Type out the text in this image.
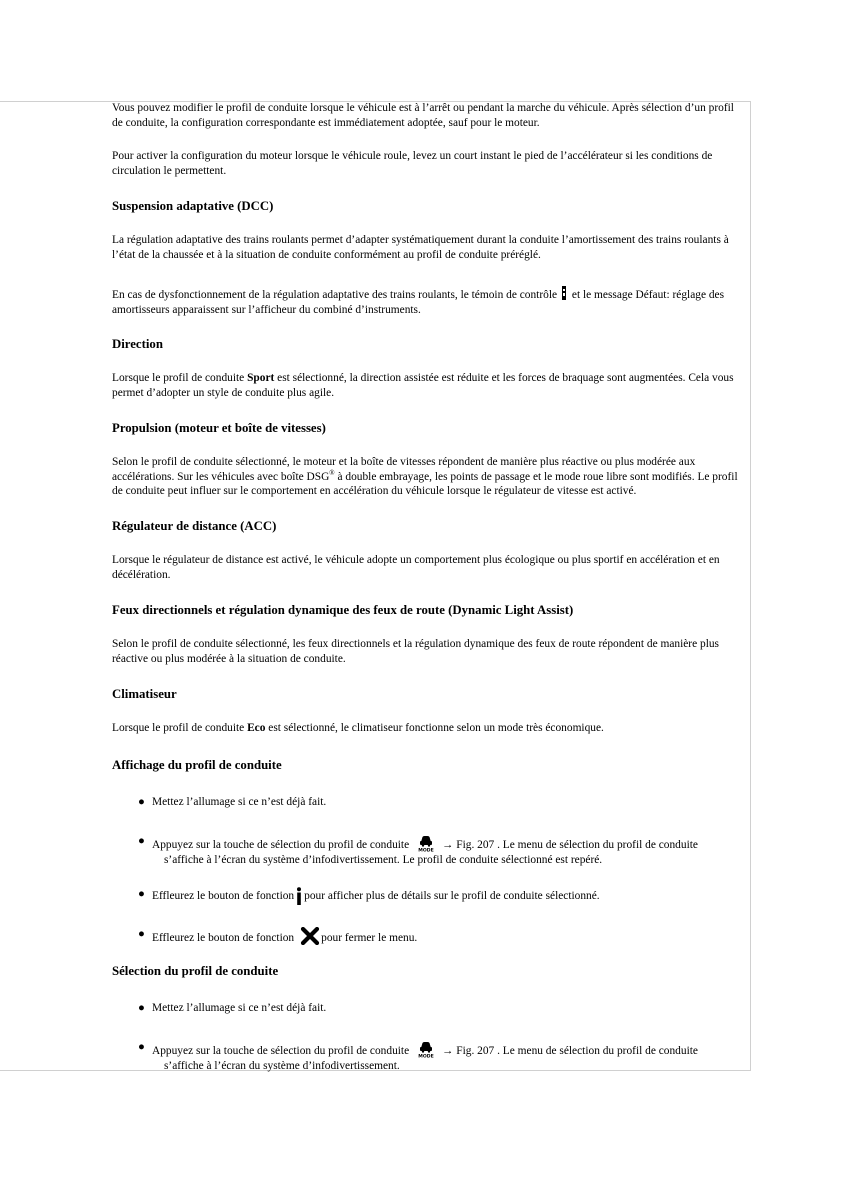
Vous pouvez modifier le profil de conduite lorsque le véhicule est à l’arrêt ou pendant la marche du véhicule. Après sélection d’un profil de conduite, la configuration correspondante est immédiatement adoptée, sauf pour le moteur.

Pour activer la configuration du moteur lorsque le véhicule roule, levez un court instant le pied de l’accélérateur si les conditions de circulation le permettent.

Suspension adaptative (DCC)

La régulation adaptative des trains roulants permet d’adapter systématiquement durant la conduite l’amortissement des trains roulants à l’état de la chaussée et à la situation de conduite conformément au profil de conduite préréglé.

En cas de dysfonctionnement de la régulation adaptative des trains roulants, le témoin de contrôle et le message Défaut: réglage des amortisseurs apparaissent sur l’afficheur du combiné d’instruments.

Direction

Lorsque le profil de conduite Sport est sélectionné, la direction assistée est réduite et les forces de braquage sont augmentées. Cela vous permet d’adopter un style de conduite plus agile.

Propulsion (moteur et boîte de vitesses)

Selon le profil de conduite sélectionné, le moteur et la boîte de vitesses répondent de manière plus réactive ou plus modérée aux accélérations. Sur les véhicules avec boîte DSG® à double embrayage, les points de passage et le mode roue libre sont modifiés. Le profil de conduite peut influer sur le comportement en accélération du véhicule lorsque le régulateur de vitesse est activé.

Régulateur de distance (ACC)

Lorsque le régulateur de distance est activé, le véhicule adopte un comportement plus écologique ou plus sportif en accélération et en décélération.

Feux directionnels et régulation dynamique des feux de route (Dynamic Light Assist)

Selon le profil de conduite sélectionné, les feux directionnels et la régulation dynamique des feux de route répondent de manière plus réactive ou plus modérée à la situation de conduite.

Climatiseur

Lorsque le profil de conduite Eco est sélectionné, le climatiseur fonctionne selon un mode très économique.

Affichage du profil de conduite
● Mettez l’allumage si ce n’est déjà fait.
● Appuyez sur la touche de sélection du profil de conduite MODE → Fig. 207 . Le menu de sélection du profil de conduite
s’affiche à l’écran du système d’infodivertissement. Le profil de conduite sélectionné est repéré.
● Effleurez le bouton de fonction pour afficher plus de détails sur le profil de conduite sélectionné.
● Effleurez le bouton de fonction pour fermer le menu.
Sélection du profil de conduite
● Mettez l’allumage si ce n’est déjà fait.
● Appuyez sur la touche de sélection du profil de conduite MODE → Fig. 207 . Le menu de sélection du profil de conduite
s’affiche à l’écran du système d’infodivertissement.
